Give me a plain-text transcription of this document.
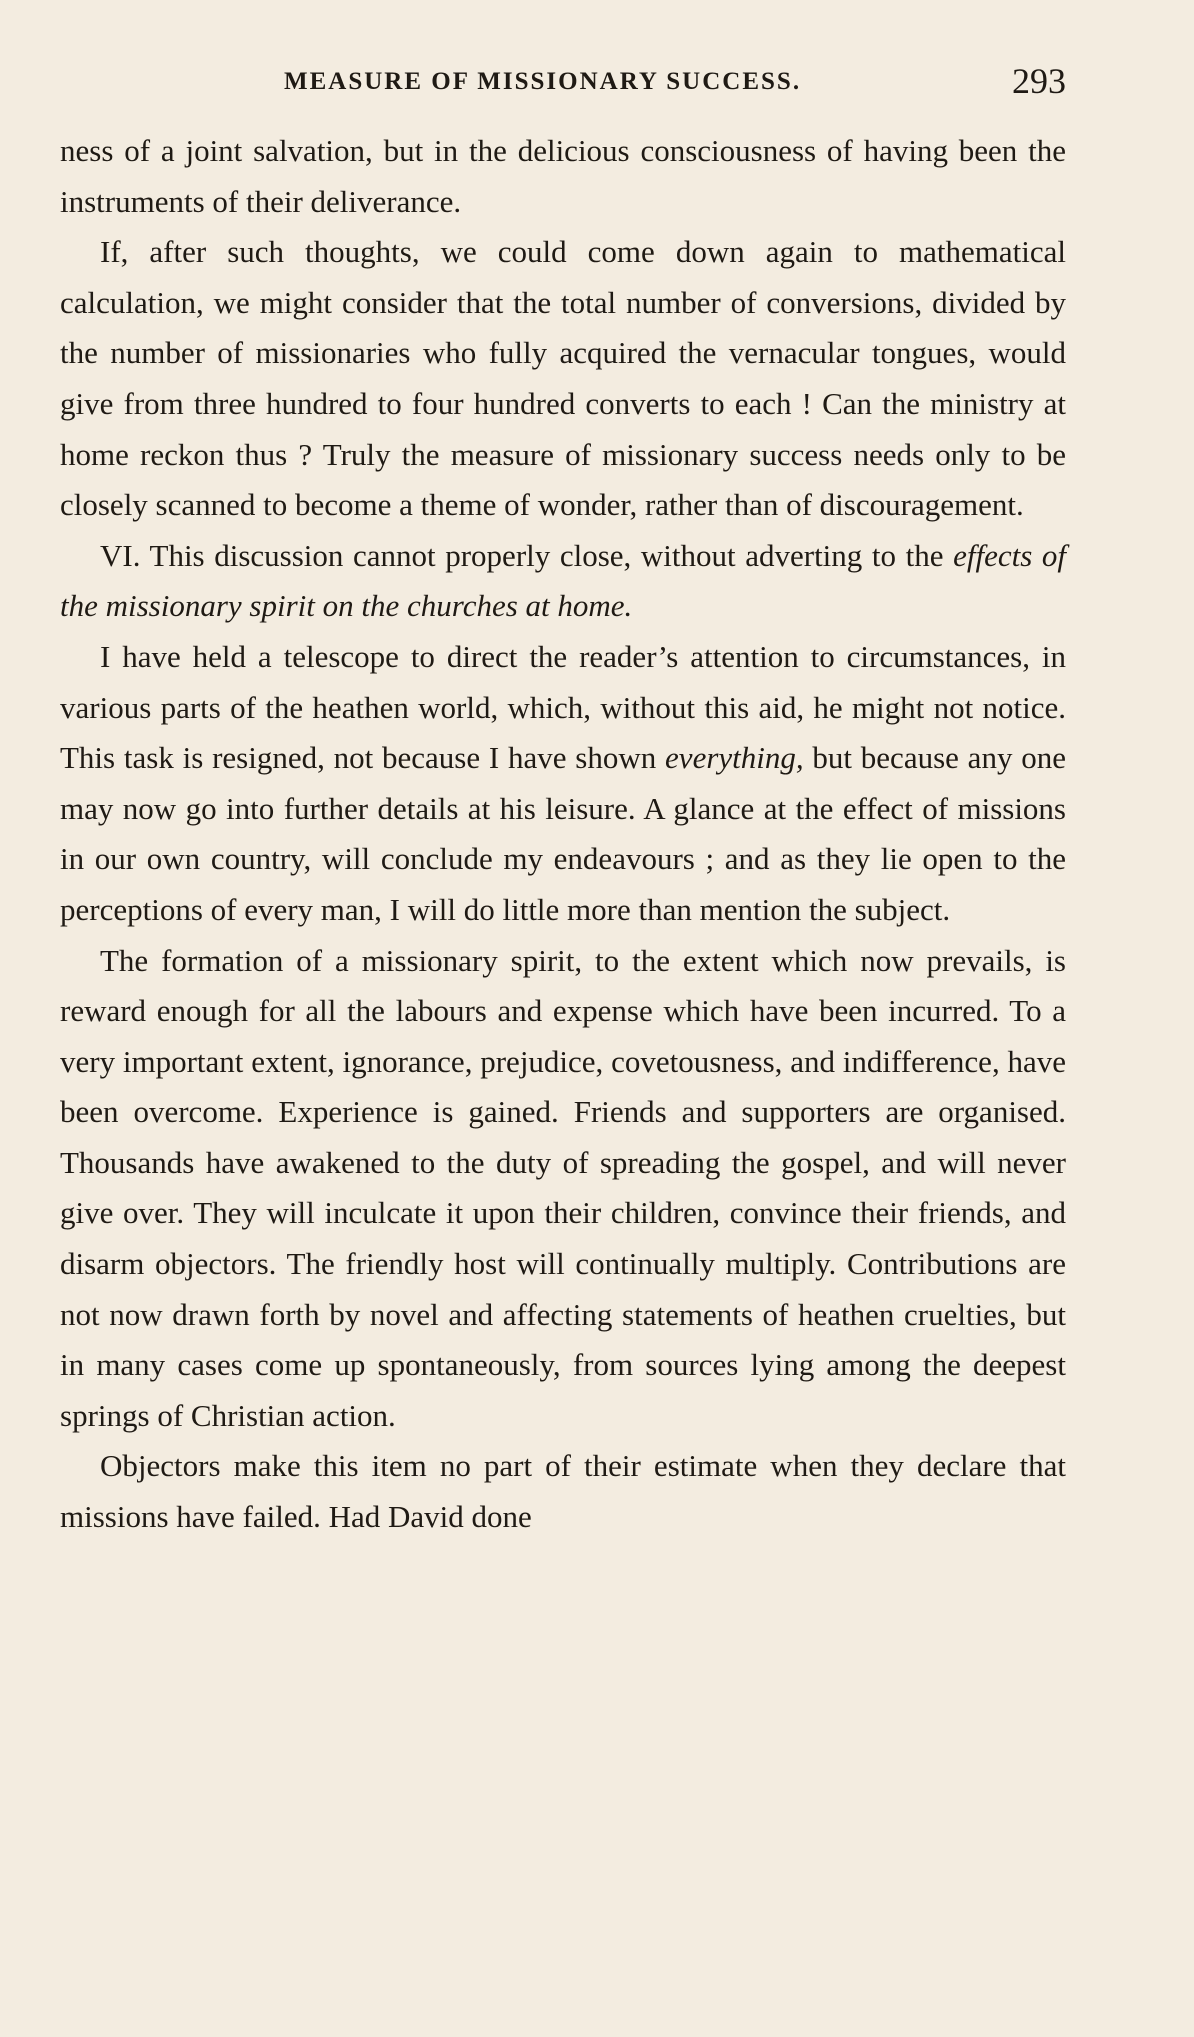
MEASURE OF MISSIONARY SUCCESS.	293

ness of a joint salvation, but in the delicious consciousness of having been the instruments of their deliverance.

If, after such thoughts, we could come down again to mathematical calculation, we might consider that the total number of conversions, divided by the number of missionaries who fully acquired the vernacular tongues, would give from three hundred to four hundred converts to each ! Can the ministry at home reckon thus ? Truly the measure of missionary success needs only to be closely scanned to become a theme of wonder, rather than of discouragement.

VI. This discussion cannot properly close, without adverting to the effects of the missionary spirit on the churches at home.

I have held a telescope to direct the reader’s attention to circumstances, in various parts of the heathen world, which, without this aid, he might not notice. This task is resigned, not because I have shown everything, but because any one may now go into further details at his leisure. A glance at the effect of missions in our own country, will conclude my endeavours ; and as they lie open to the perceptions of every man, I will do little more than mention the subject.

The formation of a missionary spirit, to the extent which now prevails, is reward enough for all the labours and expense which have been incurred. To a very important extent, ignorance, prejudice, covetousness, and indifference, have been overcome. Experience is gained. Friends and supporters are organised. Thousands have awakened to the duty of spreading the gospel, and will never give over. They will inculcate it upon their children, convince their friends, and disarm objectors. The friendly host will continually multiply. Contributions are not now drawn forth by novel and affecting statements of heathen cruelties, but in many cases come up spontaneously, from sources lying among the deepest springs of Christian action.

Objectors make this item no part of their estimate when they declare that missions have failed. Had David done
